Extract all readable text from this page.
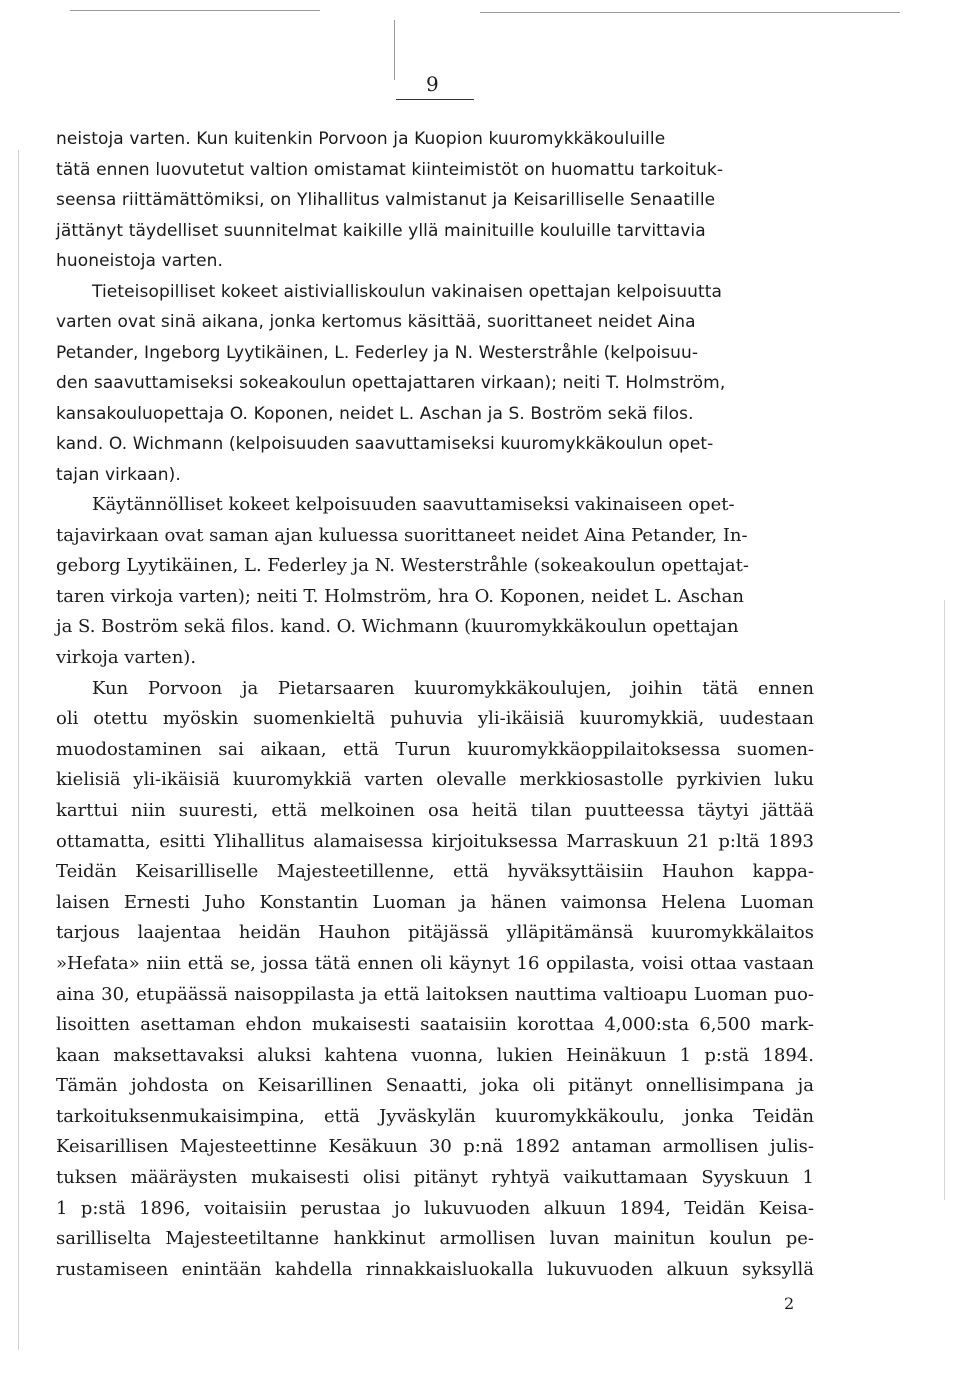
9

neistoja varten. Kun kuitenkin Porvoon ja Kuopion kuuromykkäkouluille
tätä ennen luovutetut valtion omistamat kiinteimistöt on huomattu tarkoituk-
seensa riittämättömiksi, on Ylihallitus valmistanut ja Keisarilliselle Senaatille
jättänyt täydelliset suunnitelmat kaikille yllä mainituille kouluille tarvittavia
huoneistoja varten.

Tieteisopilliset kokeet aistivialliskoulun vakinaisen opettajan kelpoisuutta
varten ovat sinä aikana, jonka kertomus käsittää, suorittaneet neidet Aina
Petander, Ingeborg Lyytikäinen, L. Federley ja N. Westerstråhle (kelpoisuu-
den saavuttamiseksi sokeakoulun opettajattaren virkaan); neiti T. Holmström,
kansakouluopettaja O. Koponen, neidet L. Aschan ja S. Boström sekä filos.
kand. O. Wichmann (kelpoisuuden saavuttamiseksi kuuromykkäkoulun opet-
tajan virkaan).

Käytännölliset kokeet kelpoisuuden saavuttamiseksi vakinaiseen opet-
tajavirkaan ovat saman ajan kuluessa suorittaneet neidet Aina Petander, In-
geborg Lyytikäinen, L. Federley ja N. Westerstråhle (sokeakoulun opettajat-
taren virkoja varten); neiti T. Holmström, hra O. Koponen, neidet L. Aschan
ja S. Boström sekä filos. kand. O. Wichmann (kuuromykkäkoulun opettajan
virkoja varten).

Kun Porvoon ja Pietarsaaren kuuromykkäkoulujen, joihin tätä ennen
oli otettu myöskin suomenkieltä puhuvia yli-ikäisiä kuuromykkiä, uudestaan
muodostaminen sai aikaan, että Turun kuuromykkäoppilaitoksessa suomen-
kielisiä yli-ikäisiä kuuromykkiä varten olevalle merkkiosastolle pyrkivien luku
karttui niin suuresti, että melkoinen osa heitä tilan puutteessa täytyi jättää
ottamatta, esitti Ylihallitus alamaisessa kirjoituksessa Marraskuun 21 p:ltä 1893
Teidän Keisarilliselle Majesteetillenne, että hyväksyttäisiin Hauhon kappa-
laisen Ernesti Juho Konstantin Luoman ja hänen vaimonsa Helena Luoman
tarjous laajentaa heidän Hauhon pitäjässä ylläpitämänsä kuuromykkälaitos
»Hefata» niin että se, jossa tätä ennen oli käynyt 16 oppilasta, voisi ottaa vastaan
aina 30, etupäässä naisoppilasta ja että laitoksen nauttima valtioapu Luoman puo-
lisoitten asettaman ehdon mukaisesti saataisiin korottaa 4,000:sta 6,500 mark-
kaan maksettavaksi aluksi kahtena vuonna, lukien Heinäkuun 1 p:stä 1894.
Tämän johdosta on Keisarillinen Senaatti, joka oli pitänyt onnellisimpana ja
tarkoituksenmukaisimpina, että Jyväskylän kuuromykkäkoulu, jonka Teidän
Keisarillisen Majesteettinne Kesäkuun 30 p:nä 1892 antaman armollisen julis-
tuksen määräysten mukaisesti olisi pitänyt ryhtyä vaikuttamaan Syyskuun 1
1 p:stä 1896, voitaisiin perustaa jo lukuvuoden alkuun 1894, Teidän Keisa-
sarilliselta Majesteetiltanne hankkinut armollisen luvan mainitun koulun pe-
rustamiseen enintään kahdella rinnakkaisluokalla lukuvuoden alkuun syksyllä

2
